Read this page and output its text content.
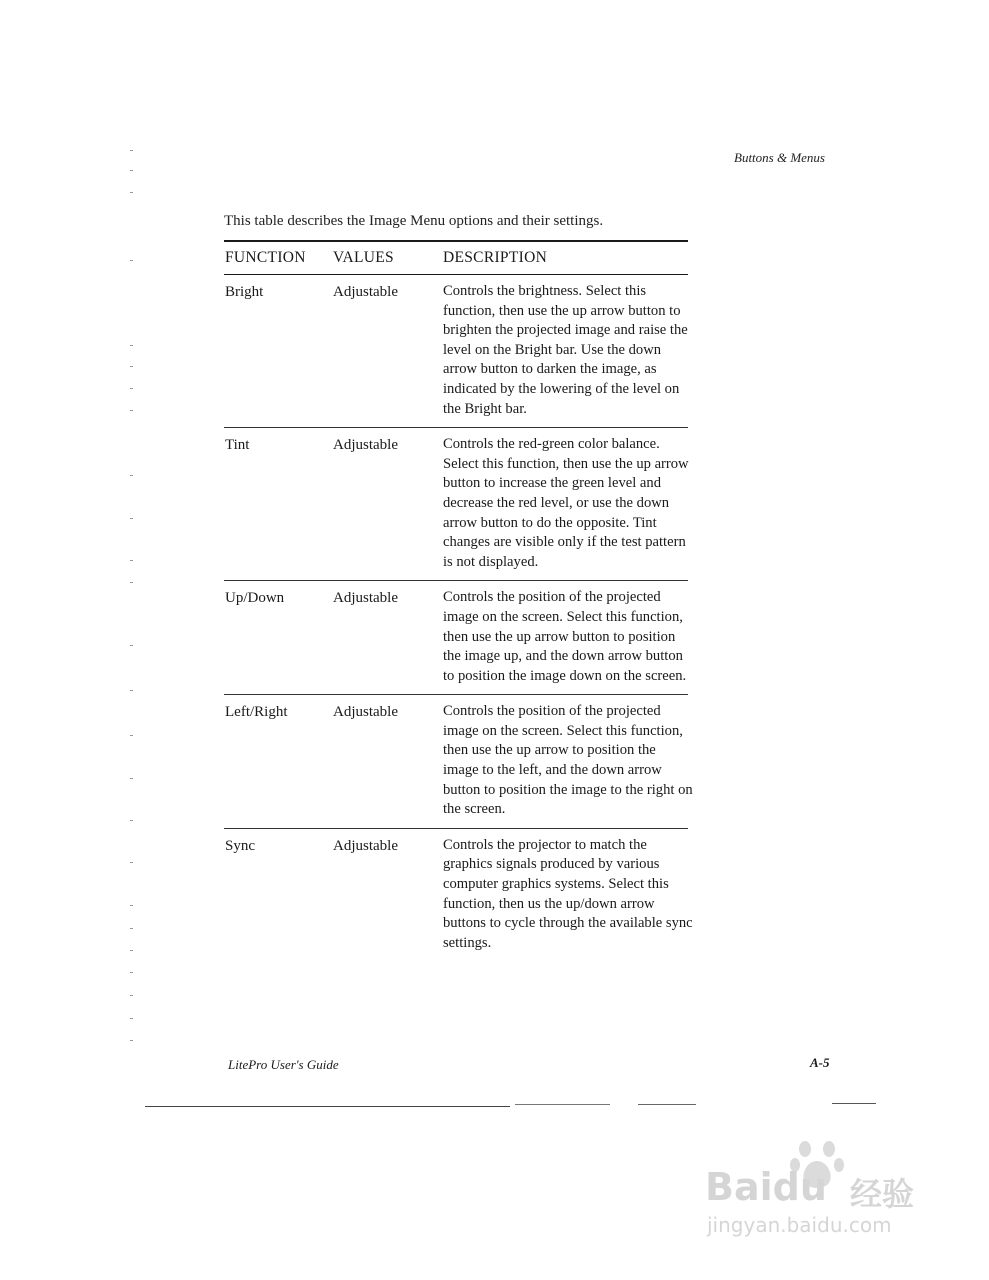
Buttons & Menus
This table describes the Image Menu options and their settings.
FUNCTION VALUES	DESCRIPTION
Bright	Adjustable	Controls the brightness. Select this function, then use the up arrow button to brighten the projected image and raise the level on the Bright bar. Use the down arrow button to darken the image, as indicated by the lowering of the level on the Bright bar.
Tint	Adjustable	Controls the red-green color balance. Select this function, then use the up arrow button to increase the green level and decrease the red level, or use the down arrow button to do the opposite. Tint changes are visible only if the test pattern is not displayed.
Up/Down	Adjustable	Controls the position of the projected image on the screen. Select this function, then use the up arrow button to position the image up, and the down arrow button to position the image down on the screen.
Left/Right	Adjustable	Controls the position of the projected image on the screen. Select this function, then use the up arrow to position the image to the left, and the down arrow button to position the image to the right on the screen.
Sync	Adjustable	Controls the projector to match the graphics signals produced by various computer graphics systems. Select this function, then us the up/down arrow buttons to cycle through the available sync settings.
LitePro User's Guide	A-5
Baidu 经验
jingyan.baidu.com
